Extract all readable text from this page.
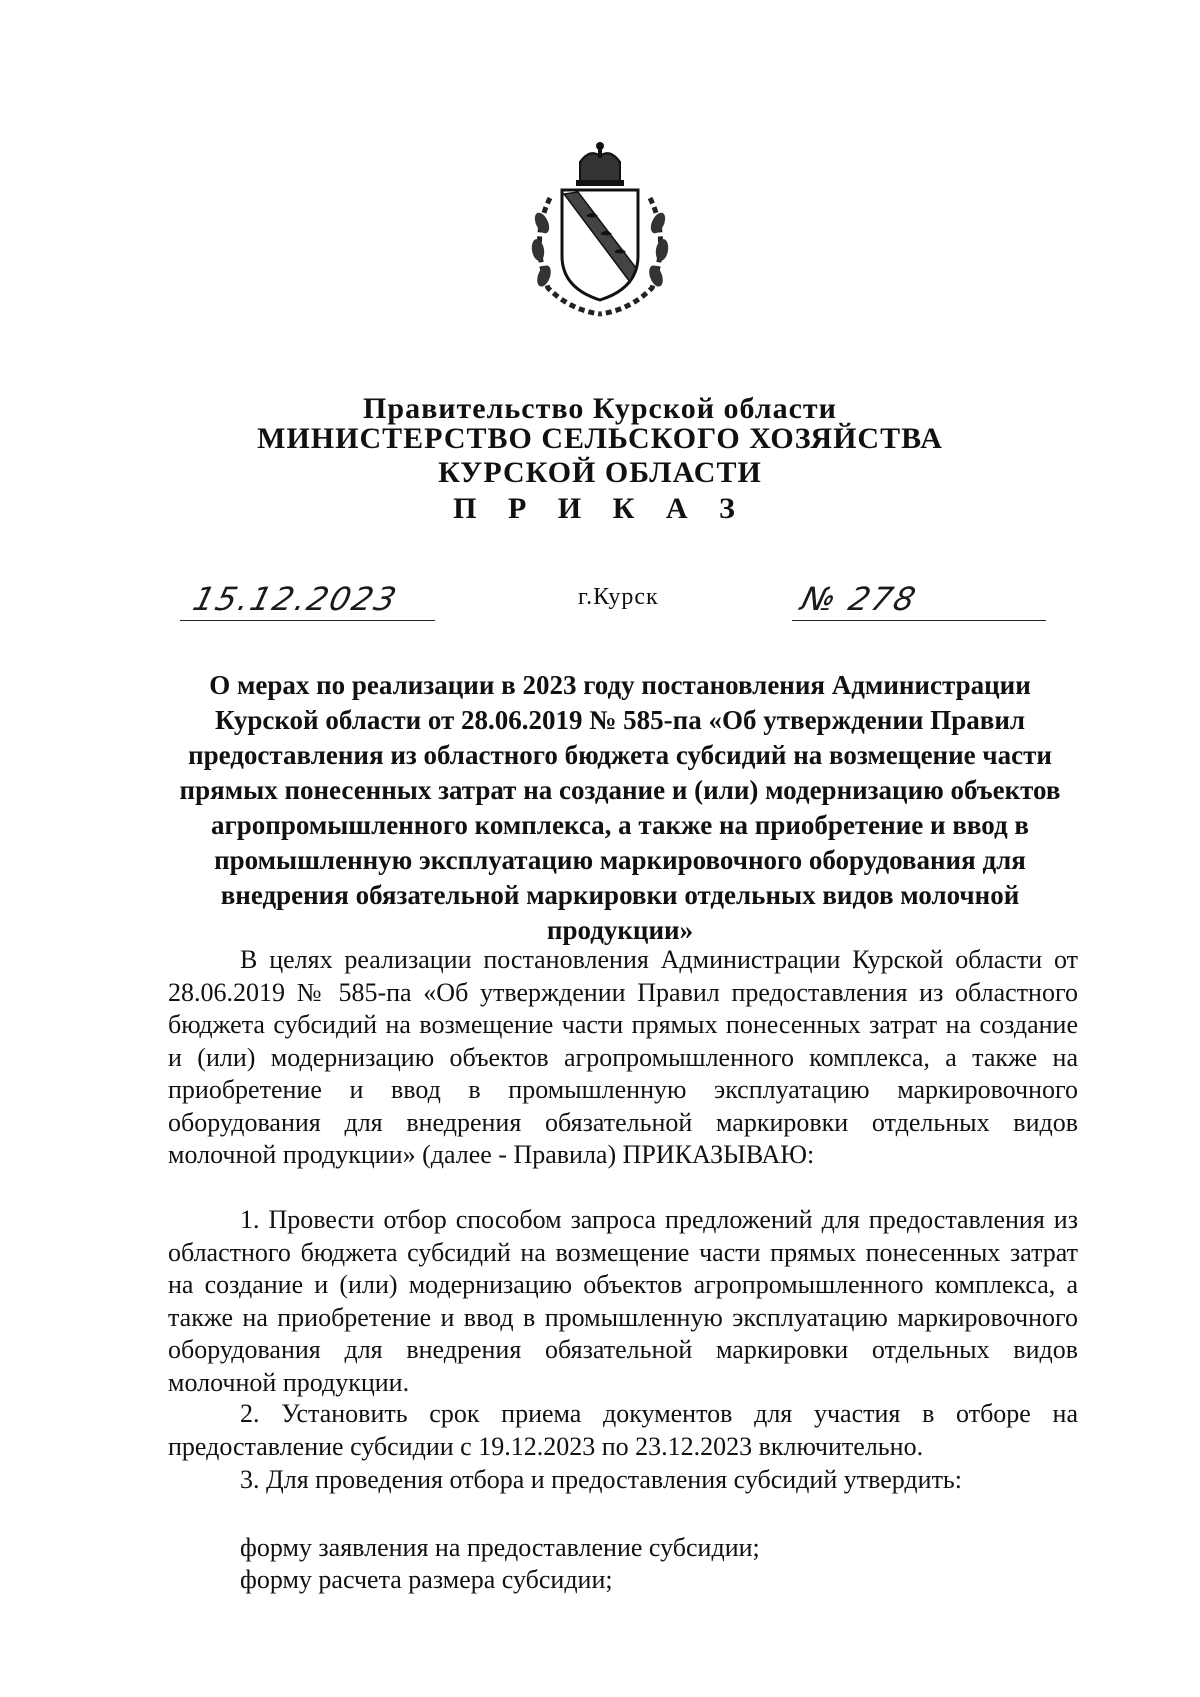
Правительство Курской области
МИНИСТЕРСТВО СЕЛЬСКОГО ХОЗЯЙСТВА
КУРСКОЙ ОБЛАСТИ
П Р И К А З
15.12.2023	г.Курск	№ 278
О мерах по реализации в 2023 году постановления Администрации Курской области от 28.06.2019 № 585-па «Об утверждении Правил предоставления из областного бюджета субсидий на возмещение части прямых понесенных затрат на создание и (или) модернизацию объектов агропромышленного комплекса, а также на приобретение и ввод в промышленную эксплуатацию маркировочного оборудования для внедрения обязательной маркировки отдельных видов молочной продукции»
В целях реализации постановления Администрации Курской области от 28.06.2019 № 585-па «Об утверждении Правил предоставления из областного бюджета субсидий на возмещение части прямых понесенных затрат на создание и (или) модернизацию объектов агропромышленного комплекса, а также на приобретение и ввод в промышленную эксплуатацию маркировочного оборудования для внедрения обязательной маркировки отдельных видов молочной продукции» (далее - Правила) ПРИКАЗЫВАЮ:
1. Провести отбор способом запроса предложений для предоставления из областного бюджета субсидий на возмещение части прямых понесенных затрат на создание и (или) модернизацию объектов агропромышленного комплекса, а также на приобретение и ввод в промышленную эксплуатацию маркировочного оборудования для внедрения обязательной маркировки отдельных видов молочной продукции.
2. Установить срок приема документов для участия в отборе на предоставление субсидии с 19.12.2023 по 23.12.2023 включительно.
3. Для проведения отбора и предоставления субсидий утвердить:
форму заявления на предоставление субсидии;
форму расчета размера субсидии;
